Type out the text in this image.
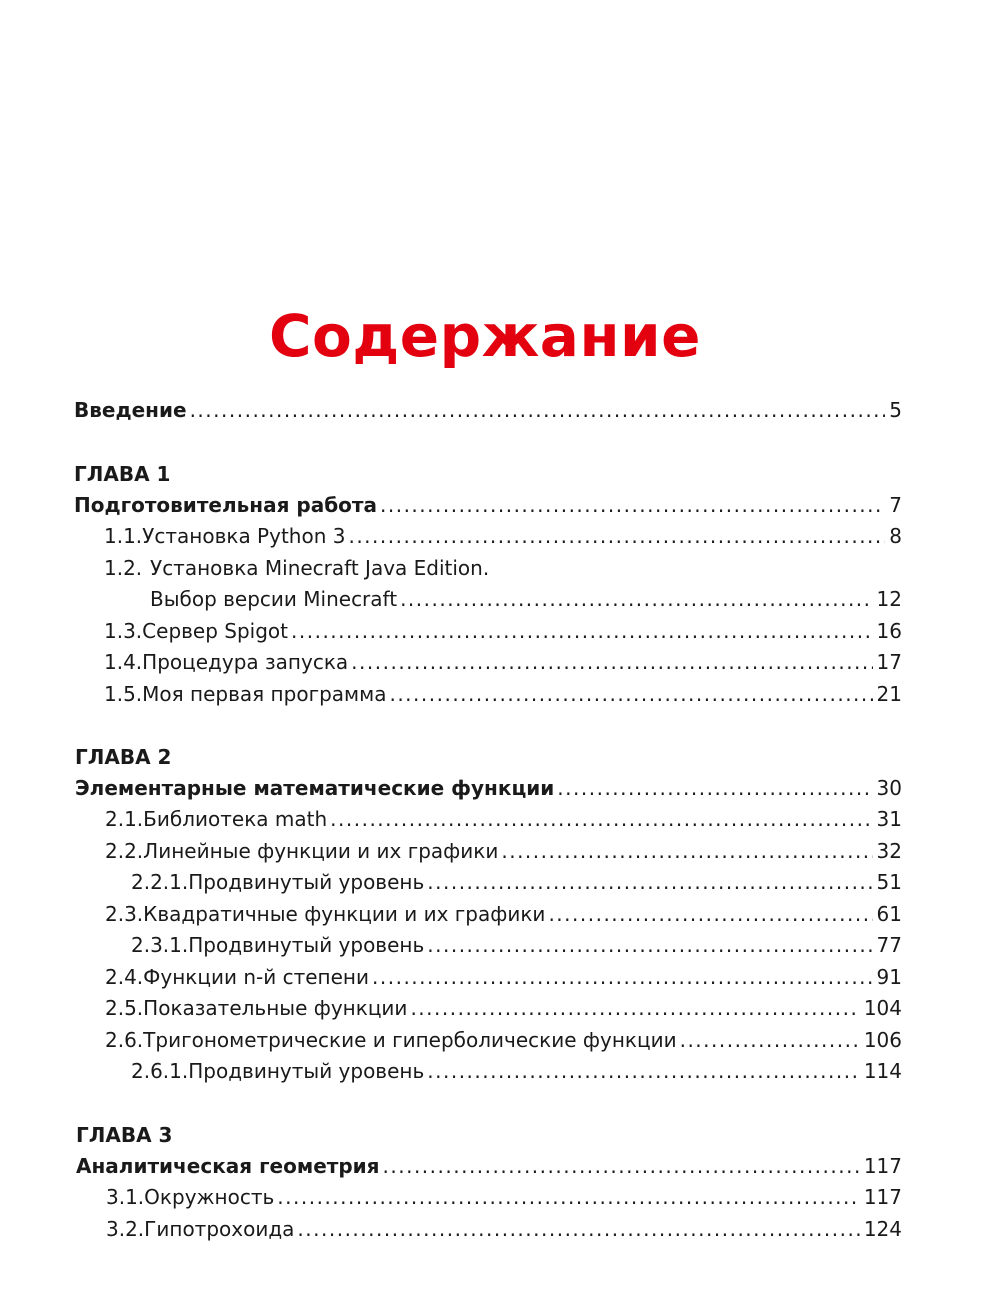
Содержание
Введение .....	5
ГЛАВА 1
Подготовительная работа .....	7
1.1. Установка Python 3 .....	8
1.2. Установка Minecraft Java Edition.
Выбор версии Minecraft .....	12
1.3. Сервер Spigot .....	16
1.4. Процедура запуска .....	17
1.5. Моя первая программа .....	21
ГЛАВА 2
Элементарные математические функции .....	30
2.1. Библиотека math .....	31
2.2. Линейные функции и их графики .....	32
2.2.1. Продвинутый уровень .....	51
2.3. Квадратичные функции и их графики .....	61
2.3.1. Продвинутый уровень .....	77
2.4. Функции n-й степени .....	91
2.5. Показательные функции .....	104
2.6. Тригонометрические и гиперболические функции .....	106
2.6.1. Продвинутый уровень .....	114
ГЛАВА 3
Аналитическая геометрия .....	117
3.1. Окружность .....	117
3.2. Гипотрохоида .....	124
